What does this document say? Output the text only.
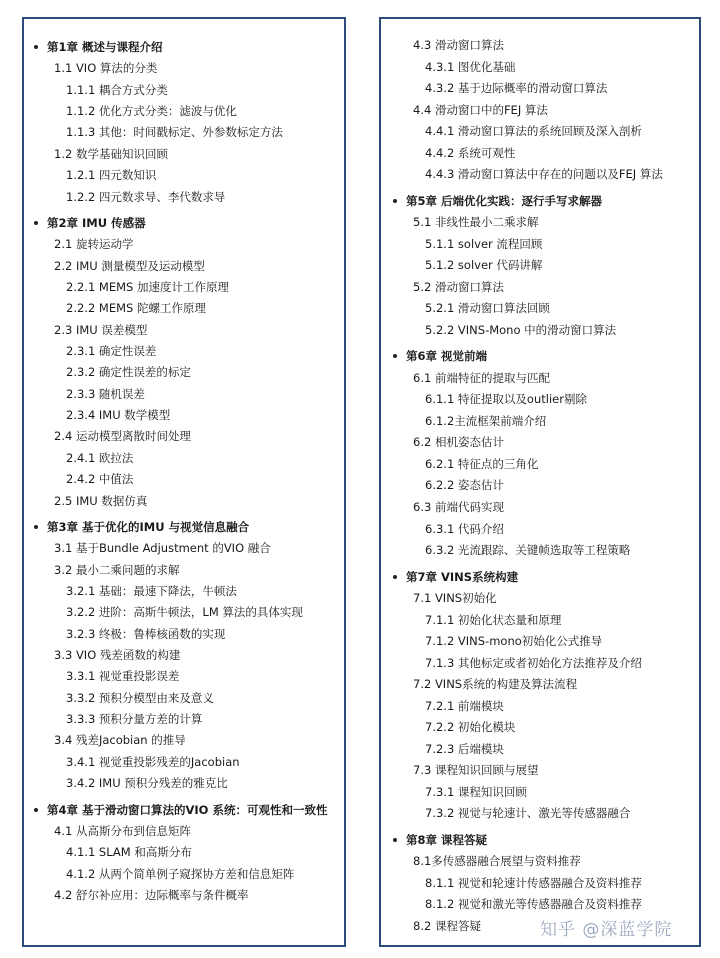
第1章 概述与课程介绍
1.1 VIO 算法的分类
1.1.1 耦合方式分类
1.1.2 优化方式分类：滤波与优化
1.1.3 其他：时间戳标定、外参数标定方法
1.2 数学基础知识回顾
1.2.1 四元数知识
1.2.2 四元数求导、李代数求导
第2章 IMU 传感器
2.1 旋转运动学
2.2 IMU 测量模型及运动模型
2.2.1 MEMS 加速度计工作原理
2.2.2 MEMS 陀螺工作原理
2.3 IMU 误差模型
2.3.1 确定性误差
2.3.2 确定性误差的标定
2.3.3 随机误差
2.3.4 IMU 数学模型
2.4 运动模型离散时间处理
2.4.1 欧拉法
2.4.2 中值法
2.5 IMU 数据仿真
第3章 基于优化的IMU 与视觉信息融合
3.1 基于Bundle Adjustment 的VIO 融合
3.2 最小二乘问题的求解
3.2.1 基础：最速下降法，牛顿法
3.2.2 进阶：高斯牛顿法，LM 算法的具体实现
3.2.3 终极：鲁棒核函数的实现
3.3 VIO 残差函数的构建
3.3.1 视觉重投影误差
3.3.2 预积分模型由来及意义
3.3.3 预积分量方差的计算
3.4 残差Jacobian 的推导
3.4.1 视觉重投影残差的Jacobian
3.4.2 IMU 预积分残差的雅克比
第4章 基于滑动窗口算法的VIO 系统：可观性和一致性
4.1 从高斯分布到信息矩阵
4.1.1 SLAM 和高斯分布
4.1.2 从两个简单例子窥探协方差和信息矩阵
4.2 舒尔补应用：边际概率与条件概率
4.3 滑动窗口算法
4.3.1 图优化基础
4.3.2 基于边际概率的滑动窗口算法
4.4 滑动窗口中的FEJ 算法
4.4.1 滑动窗口算法的系统回顾及深入剖析
4.4.2 系统可观性
4.4.3 滑动窗口算法中存在的问题以及FEJ 算法
第5章 后端优化实践：逐行手写求解器
5.1 非线性最小二乘求解
5.1.1 solver 流程回顾
5.1.2 solver 代码讲解
5.2 滑动窗口算法
5.2.1 滑动窗口算法回顾
5.2.2 VINS-Mono 中的滑动窗口算法
第6章 视觉前端
6.1 前端特征的提取与匹配
6.1.1 特征提取以及outlier剔除
6.1.2主流框架前端介绍
6.2 相机姿态估计
6.2.1 特征点的三角化
6.2.2 姿态估计
6.3 前端代码实现
6.3.1 代码介绍
6.3.2 光流跟踪、关键帧选取等工程策略
第7章 VINS系统构建
7.1 VINS初始化
7.1.1 初始化状态量和原理
7.1.2 VINS-mono初始化公式推导
7.1.3 其他标定或者初始化方法推荐及介绍
7.2 VINS系统的构建及算法流程
7.2.1 前端模块
7.2.2 初始化模块
7.2.3 后端模块
7.3 课程知识回顾与展望
7.3.1 课程知识回顾
7.3.2 视觉与轮速计、激光等传感器融合
第8章 课程答疑
8.1多传感器融合展望与资料推荐
8.1.1 视觉和轮速计传感器融合及资料推荐
8.1.2 视觉和激光等传感器融合及资料推荐
8.2 课程答疑	知乎 @深蓝学院
